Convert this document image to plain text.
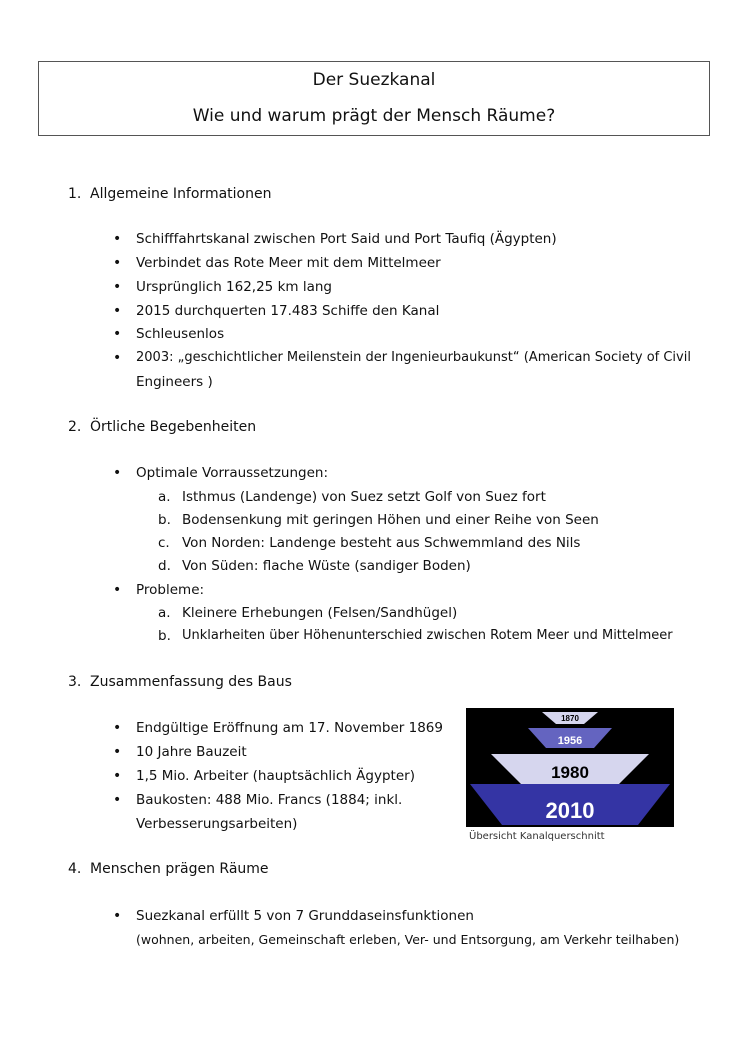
Der Suezkanal
Wie und warum prägt der Mensch Räume?
1. Allgemeine Informationen
• Schifffahrtskanal zwischen Port Said und Port Taufiq (Ägypten)
• Verbindet das Rote Meer mit dem Mittelmeer
• Ursprünglich 162,25 km lang
• 2015 durchquerten 17.483 Schiffe den Kanal
• Schleusenlos
• 2003: „geschichtlicher Meilenstein der Ingenieurbaukunst“ (American Society of Civil
Engineers )
2. Örtliche Begebenheiten
• Optimale Vorraussetzungen:
a. Isthmus (Landenge) von Suez setzt Golf von Suez fort
b. Bodensenkung mit geringen Höhen und einer Reihe von Seen
c. Von Norden: Landenge besteht aus Schwemmland des Nils
d. Von Süden: flache Wüste (sandiger Boden)
• Probleme:
a. Kleinere Erhebungen (Felsen/Sandhügel)
b. Unklarheiten über Höhenunterschied zwischen Rotem Meer und Mittelmeer
3. Zusammenfassung des Baus
• Endgültige Eröffnung am 17. November 1869
• 10 Jahre Bauzeit
• 1,5 Mio. Arbeiter (hauptsächlich Ägypter)
• Baukosten: 488 Mio. Francs (1884; inkl.
Verbesserungsarbeiten)
1870
1956
1980
2010
Übersicht Kanalquerschnitt
4. Menschen prägen Räume
• Suezkanal erfüllt 5 von 7 Grunddaseinsfunktionen
(wohnen, arbeiten, Gemeinschaft erleben, Ver- und Entsorgung, am Verkehr teilhaben)
